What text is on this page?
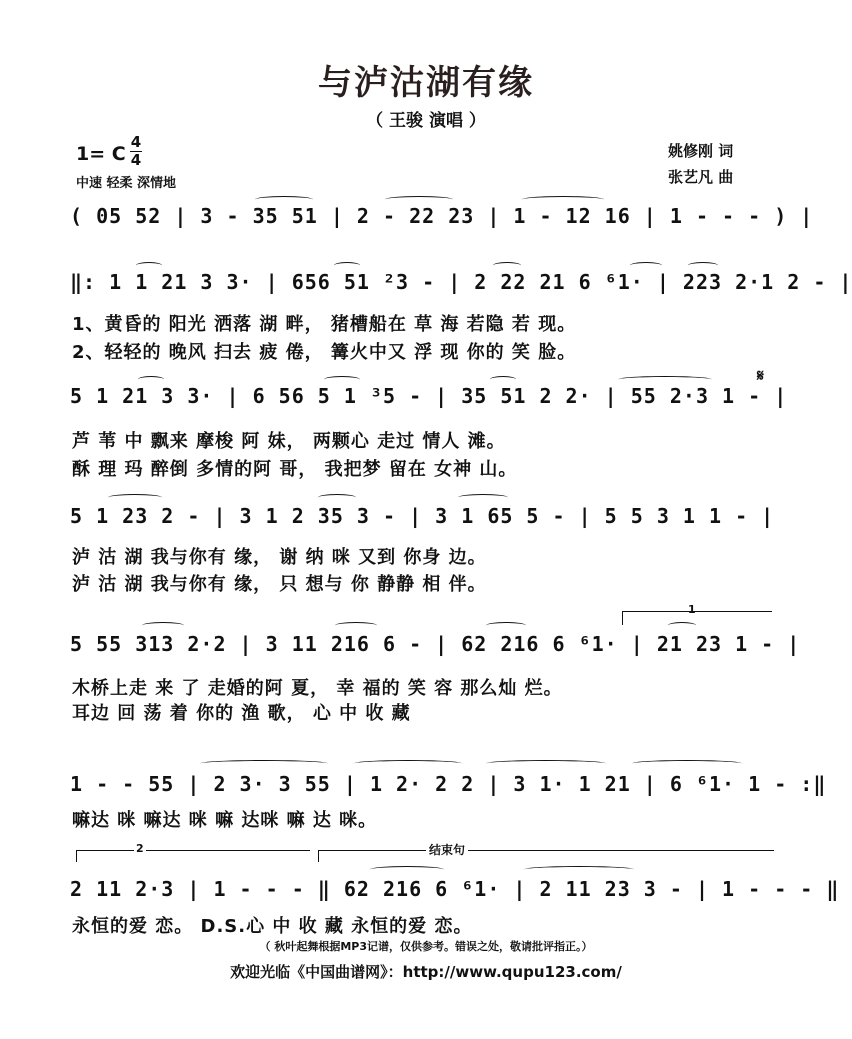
与泸沽湖有缘
（ 王骏 演唱 ）
1= C
4
4
中速 轻柔 深情地
姚修刚 词
张艺凡 曲
( 05 52 | 3 - 35 51 | 2 - 22 23 | 1 - 12 16 | 1 - - - ) |
‖: 1 1 21 3 3· | 656 51 ²3 - | 2 22 21 6 ⁶1· | 223 2·1 2 - |
1、黄昏的 阳光 洒落 湖 畔， 猪槽船在 草 海 若隐 若 现。
2、轻轻的 晚风 扫去 疲 倦， 篝火中又 浮 现 你的 笑 脸。
5 1 21 3 3· | 6 56 5 1 ³5 - | 35 51 2 2· | 55 2·3 1 - |
𝄋
芦 苇 中 飘来 摩梭 阿 妹， 两颗心 走过 情人 滩。
酥 理 玛 醉倒 多情的阿 哥， 我把梦 留在 女神 山。
5 1 23 2 - | 3 1 2 35 3 - | 3 1 65 5 - | 5 5 3 1 1 - |
泸 沽 湖 我与你有 缘， 谢 纳 咪 又到 你身 边。
泸 沽 湖 我与你有 缘， 只 想与 你 静静 相 伴。
1
5 55 313 2·2 | 3 11 216 6 - | 62 216 6 ⁶1· | 21 23 1 - |
木桥上走 来 了 走婚的阿 夏， 幸 福的 笑 容 那么灿 烂。
耳边 回 荡 着 你的 渔 歌， 心 中 收 藏
1 - - 55 | 2 3· 3 55 | 1 2· 2 2 | 3 1· 1 21 | 6 ⁶1· 1 - :‖
嘛达 咪 嘛达 咪 嘛 达咪 嘛 达 咪。
2	结束句
2 11 2·3 | 1 - - - ‖ 62 216 6 ⁶1· | 2 11 23 3 - | 1 - - - ‖
永恒的爱 恋。 D.S.心 中 收 藏 永恒的爱 恋。
（ 秋叶起舞根据MP3记谱，仅供参考。错误之处，敬请批评指正。）
欢迎光临《中国曲谱网》：http://www.qupu123.com/
